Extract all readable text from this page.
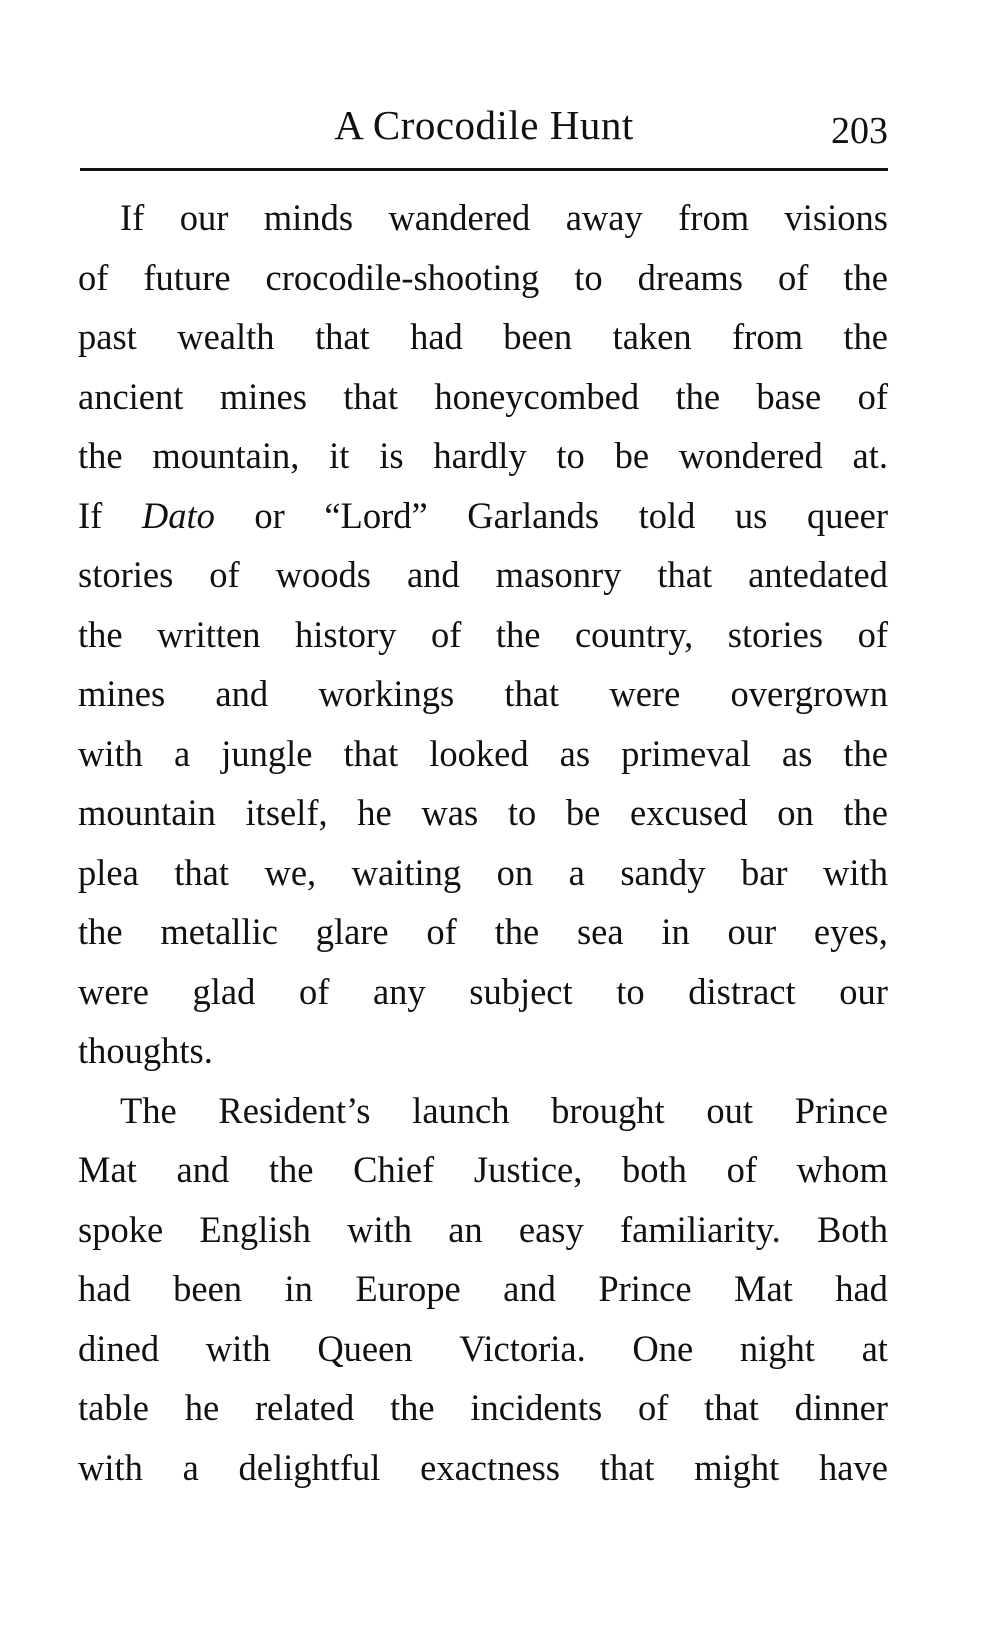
A Crocodile Hunt	203
If our minds wandered away from visions
of future crocodile-shooting to dreams of the
past wealth that had been taken from the
ancient mines that honeycombed the base of
the mountain, it is hardly to be wondered at.
If Dato or “Lord” Garlands told us queer
stories of woods and masonry that antedated
the written history of the country, stories of
mines and workings that were overgrown
with a jungle that looked as primeval as the
mountain itself, he was to be excused on the
plea that we, waiting on a sandy bar with
the metallic glare of the sea in our eyes,
were glad of any subject to distract our
thoughts.
The Resident’s launch brought out Prince
Mat and the Chief Justice, both of whom
spoke English with an easy familiarity. Both
had been in Europe and Prince Mat had
dined with Queen Victoria. One night at
table he related the incidents of that dinner
with a delightful exactness that might have
